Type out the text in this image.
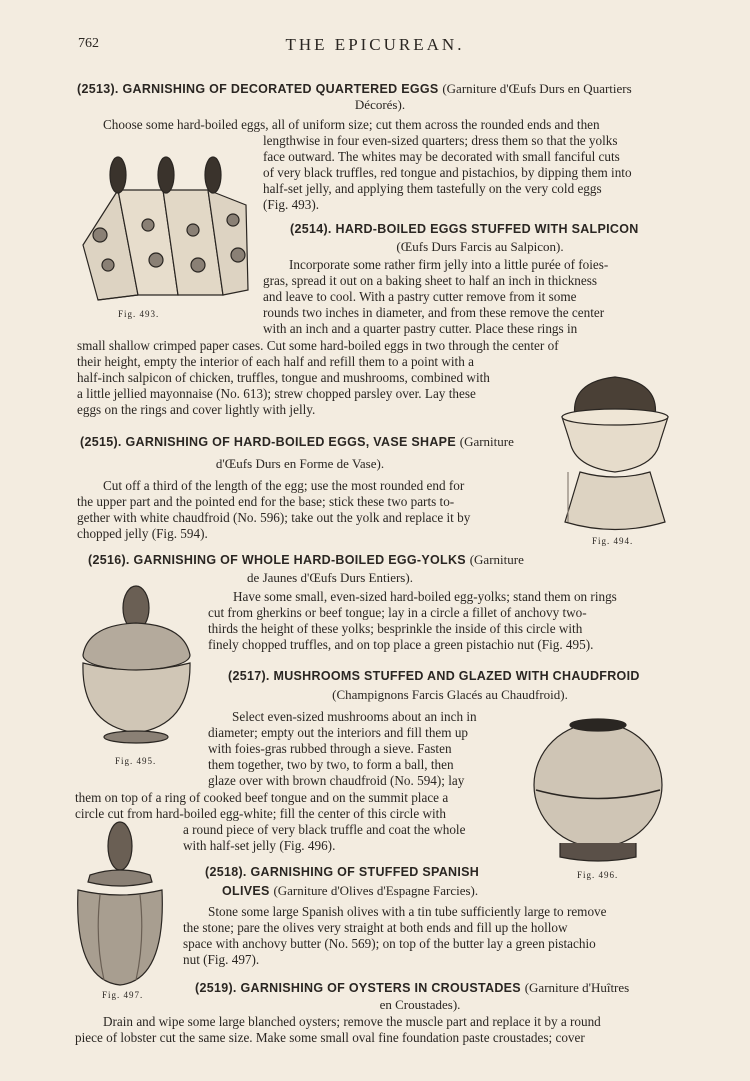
762	THE EPICUREAN.
(2513). GARNISHING OF DECORATED QUARTERED EGGS (Garniture d'Œufs Durs en Quartiers
Décorés).
Choose some hard-boiled eggs, all of uniform size; cut them across the rounded ends and then
lengthwise in four even-sized quarters; dress them so that the yolks
face outward. The whites may be decorated with small fanciful cuts
of very black truffles, red tongue and pistachios, by dipping them into
half-set jelly, and applying them tastefully on the very cold eggs
(Fig. 493).
Fig. 493.
(2514). HARD-BOILED EGGS STUFFED WITH SALPICON
(Œufs Durs Farcis au Salpicon).
Incorporate some rather firm jelly into a little purée of foies-
gras, spread it out on a baking sheet to half an inch in thickness
and leave to cool. With a pastry cutter remove from it some
rounds two inches in diameter, and from these remove the center
with an inch and a quarter pastry cutter. Place these rings in
small shallow crimped paper cases. Cut some hard-boiled eggs in two through the center of
their height, empty the interior of each half and refill them to a point with a
half-inch salpicon of chicken, truffles, tongue and mushrooms, combined with
a little jellied mayonnaise (No. 613); strew chopped parsley over. Lay these
eggs on the rings and cover lightly with jelly.
Fig. 494.
(2515). GARNISHING OF HARD-BOILED EGGS, VASE SHAPE (Garniture
d'Œufs Durs en Forme de Vase).
Cut off a third of the length of the egg; use the most rounded end for
the upper part and the pointed end for the base; stick these two parts to-
gether with white chaudfroid (No. 596); take out the yolk and replace it by
chopped jelly (Fig. 594).
(2516). GARNISHING OF WHOLE HARD-BOILED EGG-YOLKS (Garniture
de Jaunes d'Œufs Durs Entiers).
Have some small, even-sized hard-boiled egg-yolks; stand them on rings
cut from gherkins or beef tongue; lay in a circle a fillet of anchovy two-
thirds the height of these yolks; besprinkle the inside of this circle with
finely chopped truffles, and on top place a green pistachio nut (Fig. 495).
Fig. 495.
(2517). MUSHROOMS STUFFED AND GLAZED WITH CHAUDFROID
(Champignons Farcis Glacés au Chaudfroid).
Select even-sized mushrooms about an inch in
diameter; empty out the interiors and fill them up
with foies-gras rubbed through a sieve. Fasten
them together, two by two, to form a ball, then
glaze over with brown chaudfroid (No. 594); lay
them on top of a ring of cooked beef tongue and on the summit place a
circle cut from hard-boiled egg-white; fill the center of this circle with
a round piece of very black truffle and coat the whole
with half-set jelly (Fig. 496).
Fig. 496.
Fig. 497.
(2518). GARNISHING OF STUFFED SPANISH
OLIVES (Garniture d'Olives d'Espagne Farcies).
Stone some large Spanish olives with a tin tube sufficiently large to remove
the stone; pare the olives very straight at both ends and fill up the hollow
space with anchovy butter (No. 569); on top of the butter lay a green pistachio
nut (Fig. 497).
(2519). GARNISHING OF OYSTERS IN CROUSTADES (Garniture d'Huîtres
en Croustades).
Drain and wipe some large blanched oysters; remove the muscle part and replace it by a round
piece of lobster cut the same size. Make some small oval fine foundation paste croustades; cover
